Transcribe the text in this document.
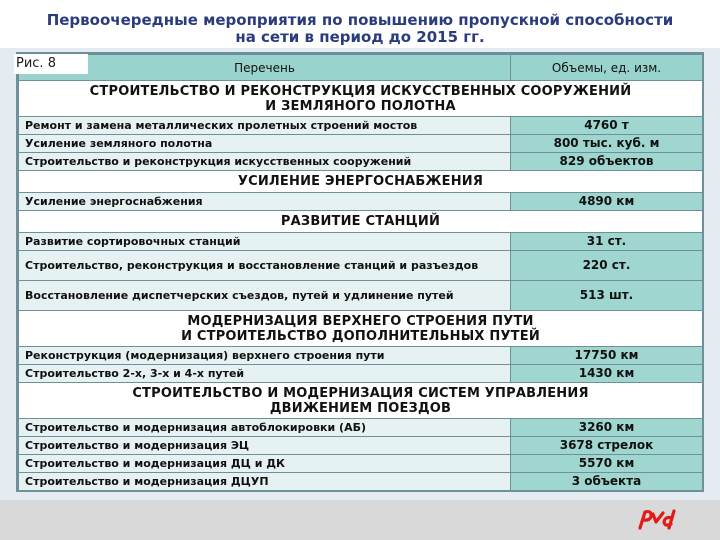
Первоочередные мероприятия по повышению пропускной способности
на сети в период до 2015 гг.
Перечень	Объемы, ед. изм.

СТРОИТЕЛЬСТВО И РЕКОНСТРУКЦИЯ ИСКУССТВЕННЫХ СООРУЖЕНИЙ
И ЗЕМЛЯНОГО ПОЛОТНА	

Ремонт и замена металлических пролетных строений мостов	4760 т
Усиление земляного полотна	800 тыс. куб. м
Строительство и реконструкция искусственных сооружений	829 объектов

УСИЛЕНИЕ ЭНЕРГОСНАБЖЕНИЯ	

Усиление энергоснабжения	4890 км

РАЗВИТИЕ СТАНЦИЙ	

Развитие сортировочных станций	31 ст.
Строительство, реконструкция и восстановление станций и разъездов	220 ст.
Восстановление диспетчерских съездов, путей и удлинение путей	513 шт.

МОДЕРНИЗАЦИЯ ВЕРХНЕГО СТРОЕНИЯ ПУТИ
И СТРОИТЕЛЬСТВО ДОПОЛНИТЕЛЬНЫХ ПУТЕЙ	

Реконструкция (модернизация) верхнего строения пути	17750 км
Строительство 2-х, 3-х и 4-х путей	1430 км

СТРОИТЕЛЬСТВО И МОДЕРНИЗАЦИЯ СИСТЕМ УПРАВЛЕНИЯ
ДВИЖЕНИЕМ ПОЕЗДОВ	

Строительство и модернизация автоблокировки (АБ)	3260 км
Строительство и модернизация ЭЦ	3678 стрелок
Строительство и модернизация ДЦ и ДК	5570 км
Строительство и модернизация ДЦУП	3 объекта
Рис. 8
